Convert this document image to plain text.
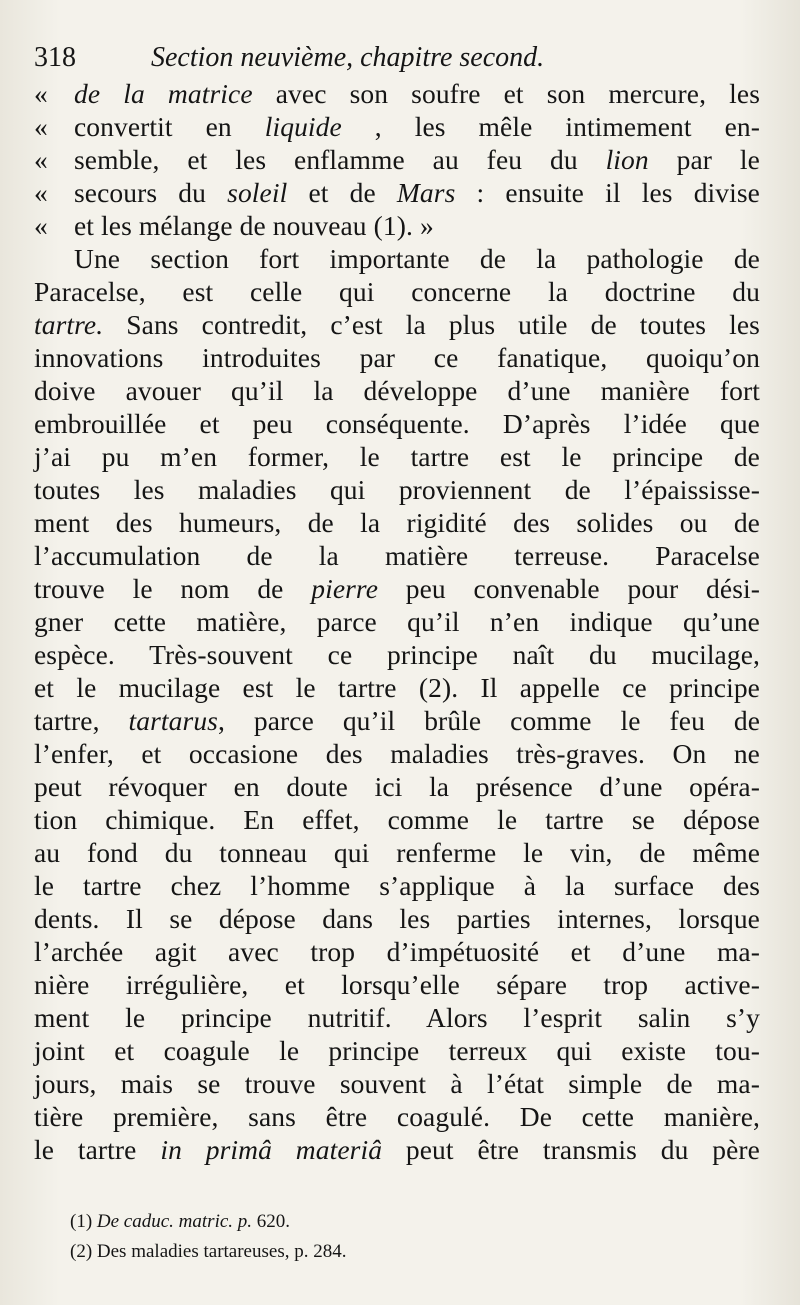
318	Section neuvième, chapitre second.
« de la matrice avec son soufre et son mercure, les
« convertit en liquide , les mêle intimement en-
« semble, et les enflamme au feu du lion par le
« secours du soleil et de Mars : ensuite il les divise
« et les mélange de nouveau (1). »
Une section fort importante de la pathologie de
Paracelse, est celle qui concerne la doctrine du
tartre. Sans contredit, c’est la plus utile de toutes les
innovations introduites par ce fanatique, quoiqu’on
doive avouer qu’il la développe d’une manière fort
embrouillée et peu conséquente. D’après l’idée que
j’ai pu m’en former, le tartre est le principe de
toutes les maladies qui proviennent de l’épaississe-
ment des humeurs, de la rigidité des solides ou de
l’accumulation de la matière terreuse. Paracelse
trouve le nom de pierre peu convenable pour dési-
gner cette matière, parce qu’il n’en indique qu’une
espèce. Très-souvent ce principe naît du mucilage,
et le mucilage est le tartre (2). Il appelle ce principe
tartre, tartarus, parce qu’il brûle comme le feu de
l’enfer, et occasione des maladies très-graves. On ne
peut révoquer en doute ici la présence d’une opéra-
tion chimique. En effet, comme le tartre se dépose
au fond du tonneau qui renferme le vin, de même
le tartre chez l’homme s’applique à la surface des
dents. Il se dépose dans les parties internes, lorsque
l’archée agit avec trop d’impétuosité et d’une ma-
nière irrégulière, et lorsqu’elle sépare trop active-
ment le principe nutritif. Alors l’esprit salin s’y
joint et coagule le principe terreux qui existe tou-
jours, mais se trouve souvent à l’état simple de ma-
tière première, sans être coagulé. De cette manière,
le tartre in primâ materiâ peut être transmis du père
(1) De caduc. matric. p. 620.
(2) Des maladies tartareuses, p. 284.
